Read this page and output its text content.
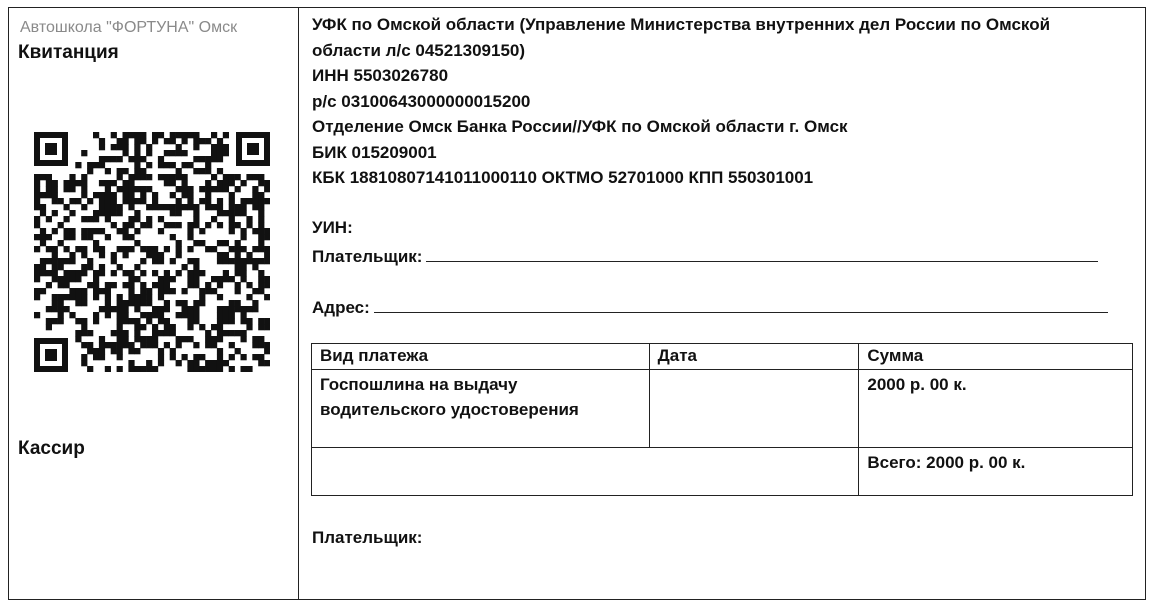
Автошкола "ФОРТУНА" Омск
Квитанция
Кассир
УФК по Омской области (Управление Министерства внутренних дел России по Омской
области л/с 04521309150)
ИНН 5503026780
р/с 03100643000000015200
Отделение Омск Банка России//УФК по Омской области г. Омск
БИК 015209001
КБК 18810807141011000110 ОКТМО 52701000 КПП 550301001
УИН:
Плательщик:
Адрес:
Вид платежа	Дата	Сумма

Госпошлина на выдачу
водительского удостоверения		2000 р. 00 к.
		Всего: 2000 р. 00 к.
Плательщик:
